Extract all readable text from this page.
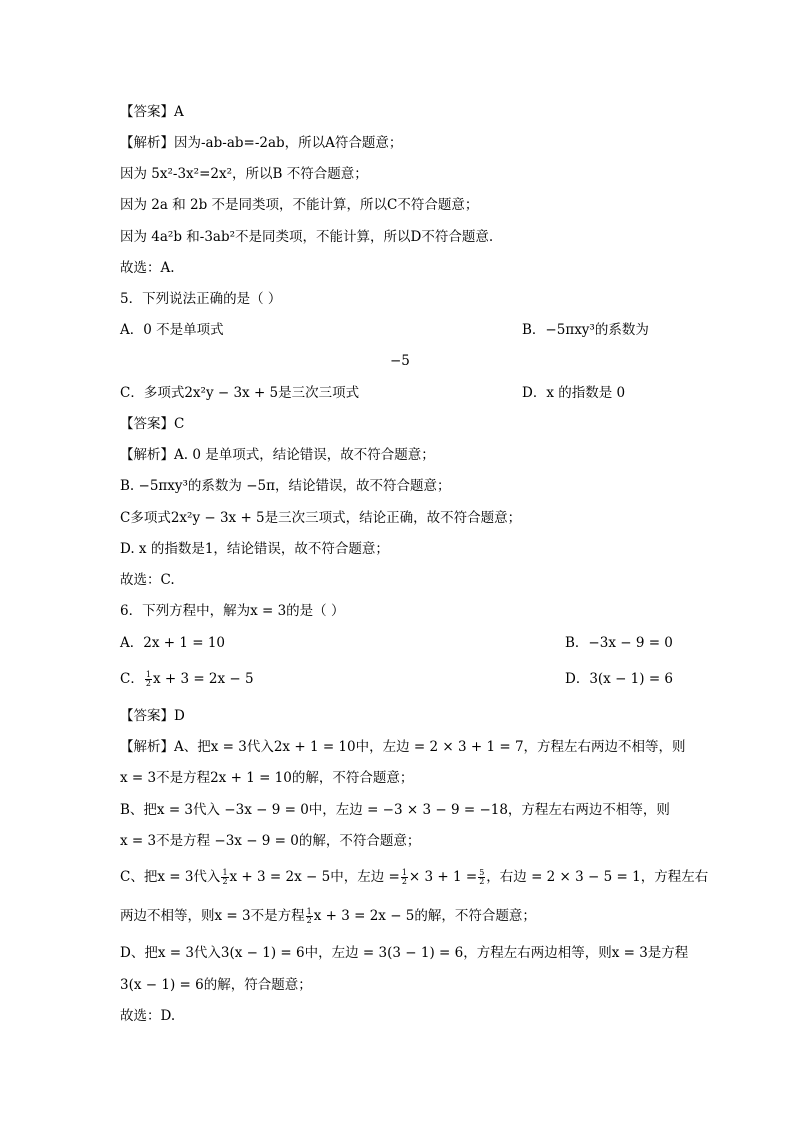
【答案】A
【解析】因为-ab-ab=-2ab，所以A符合题意；
因为 5x²-3x²=2x²，所以B 不符合题意；
因为 2a 和 2b 不是同类项，不能计算，所以C不符合题意；
因为 4a²b 和-3ab²不是同类项，不能计算，所以D不符合题意.
故选：A.
5．下列说法正确的是（ ）
A．0 不是单项式	B．−5πxy³的系数为
−5
C．多项式2x²y − 3x + 5是三次三项式	D．x 的指数是 0
【答案】C
【解析】A. 0 是单项式，结论错误，故不符合题意；
B. −5πxy³的系数为 −5π，结论错误，故不符合题意；
C多项式2x²y − 3x + 5是三次三项式，结论正确，故不符合题意；
D. x 的指数是1，结论错误，故不符合题意；
故选：C.
6．下列方程中，解为x = 3的是（ ）
A．2x + 1 = 10	B．−3x − 9 = 0
C． $\frac{1}{2}$ x + 3 = 2x − 5	D．3(x − 1) = 6
【答案】D
【解析】A、把x = 3代入2x + 1 = 10中，左边 = 2 × 3 + 1 = 7，方程左右两边不相等，则
x = 3不是方程2x + 1 = 10的解，不符合题意；
B、把x = 3代入 −3x − 9 = 0中，左边 = −3 × 3 − 9 = −18，方程左右两边不相等，则
x = 3不是方程 −3x − 9 = 0的解，不符合题意；
C、把x = 3代入 $\frac{1}{2}$ x + 3 = 2x − 5中，左边 = $\frac{1}{2} \times 3 + 1 = \frac{5}{2}$ ，右边 = 2 × 3 − 5 = 1，方程左右
两边不相等，则x = 3不是方程 $\frac{1}{2}$ x + 3 = 2x − 5的解，不符合题意；
D、把x = 3代入3(x − 1) = 6中，左边 = 3(3 − 1) = 6，方程左右两边相等，则x = 3是方程
3(x − 1) = 6的解，符合题意；
故选：D.
